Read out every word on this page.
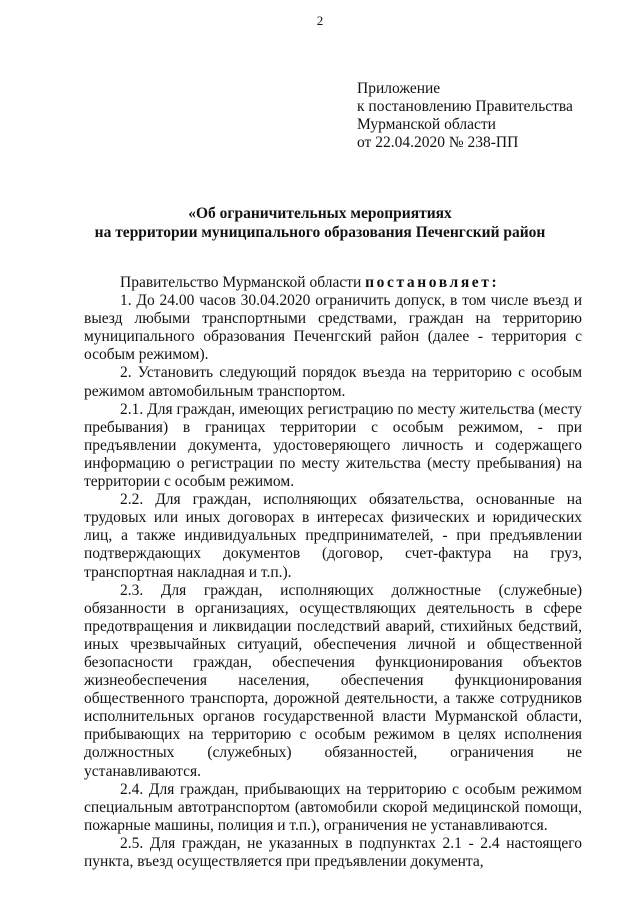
2
Приложение
к постановлению Правительства
Мурманской области
от 22.04.2020 № 238-ПП
«Об ограничительных мероприятиях
на территории муниципального образования Печенгский район

Правительство Мурманской области постановляет:

1. До 24.00 часов 30.04.2020 ограничить допуск, в том числе въезд и выезд любыми транспортными средствами, граждан на территорию муниципального образования Печенгский район (далее - территория с особым режимом).

2. Установить следующий порядок въезда на территорию с особым режимом автомобильным транспортом.

2.1. Для граждан, имеющих регистрацию по месту жительства (месту пребывания) в границах территории с особым режимом, - при предъявлении документа, удостоверяющего личность и содержащего информацию о регистрации по месту жительства (месту пребывания) на территории с особым режимом.

2.2. Для граждан, исполняющих обязательства, основанные на трудовых или иных договорах в интересах физических и юридических лиц, а также индивидуальных предпринимателей, - при предъявлении подтверждающих документов (договор, счет-фактура на груз, транспортная накладная и т.п.).

2.3. Для граждан, исполняющих должностные (служебные) обязанности в организациях, осуществляющих деятельность в сфере предотвращения и ликвидации последствий аварий, стихийных бедствий, иных чрезвычайных ситуаций, обеспечения личной и общественной безопасности граждан, обеспечения функционирования объектов жизнеобеспечения населения, обеспечения функционирования общественного транспорта, дорожной деятельности, а также сотрудников исполнительных органов государственной власти Мурманской области, прибывающих на территорию с особым режимом в целях исполнения должностных (служебных) обязанностей, ограничения не устанавливаются.

2.4. Для граждан, прибывающих на территорию с особым режимом специальным автотранспортом (автомобили скорой медицинской помощи, пожарные машины, полиция и т.п.), ограничения не устанавливаются.

2.5. Для граждан, не указанных в подпунктах 2.1 - 2.4 настоящего пункта, въезд осуществляется при предъявлении документа,
